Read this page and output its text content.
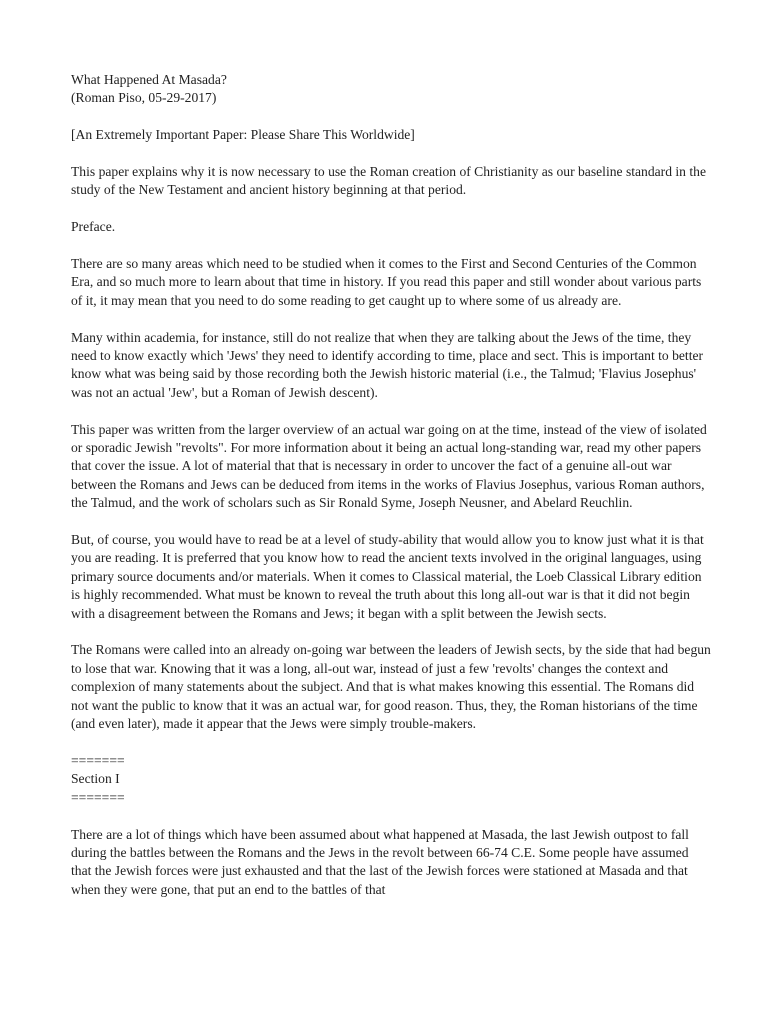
What Happened At Masada?
(Roman Piso, 05-29-2017)
[An Extremely Important Paper: Please Share This Worldwide]
This paper explains why it is now necessary to use the Roman creation of Christianity as our baseline standard in the study of the New Testament and ancient history beginning at that period.
Preface.
There are so many areas which need to be studied when it comes to the First and Second Centuries of the Common Era, and so much more to learn about that time in history. If you read this paper and still wonder about various parts of it, it may mean that you need to do some reading to get caught up to where some of us already are.
Many within academia, for instance, still do not realize that when they are talking about the Jews of the time, they need to know exactly which 'Jews' they need to identify according to time, place and sect. This is important to better know what was being said by those recording both the Jewish historic material (i.e., the Talmud; 'Flavius Josephus' was not an actual 'Jew', but a Roman of Jewish descent).
This paper was written from the larger overview of an actual war going on at the time, instead of the view of isolated or sporadic Jewish "revolts". For more information about it being an actual long-standing war, read my other papers that cover the issue. A lot of material that that is necessary in order to uncover the fact of a genuine all-out war between the Romans and Jews can be deduced from items in the works of Flavius Josephus, various Roman authors, the Talmud, and the work of scholars such as Sir Ronald Syme, Joseph Neusner, and Abelard Reuchlin.
But, of course, you would have to read be at a level of study-ability that would allow you to know just what it is that you are reading. It is preferred that you know how to read the ancient texts involved in the original languages, using primary source documents and/or materials. When it comes to Classical material, the Loeb Classical Library edition is highly recommended. What must be known to reveal the truth about this long all-out war is that it did not begin with a disagreement between the Romans and Jews; it began with a split between the Jewish sects.
The Romans were called into an already on-going war between the leaders of Jewish sects, by the side that had begun to lose that war. Knowing that it was a long, all-out war, instead of just a few 'revolts' changes the context and complexion of many statements about the subject. And that is what makes knowing this essential. The Romans did not want the public to know that it was an actual war, for good reason. Thus, they, the Roman historians of the time (and even later), made it appear that the Jews were simply trouble-makers.
=======
Section I
=======
There are a lot of things which have been assumed about what happened at Masada, the last Jewish outpost to fall during the battles between the Romans and the Jews in the revolt between 66-74 C.E. Some people have assumed that the Jewish forces were just exhausted and that the last of the Jewish forces were stationed at Masada and that when they were gone, that put an end to the battles of that
